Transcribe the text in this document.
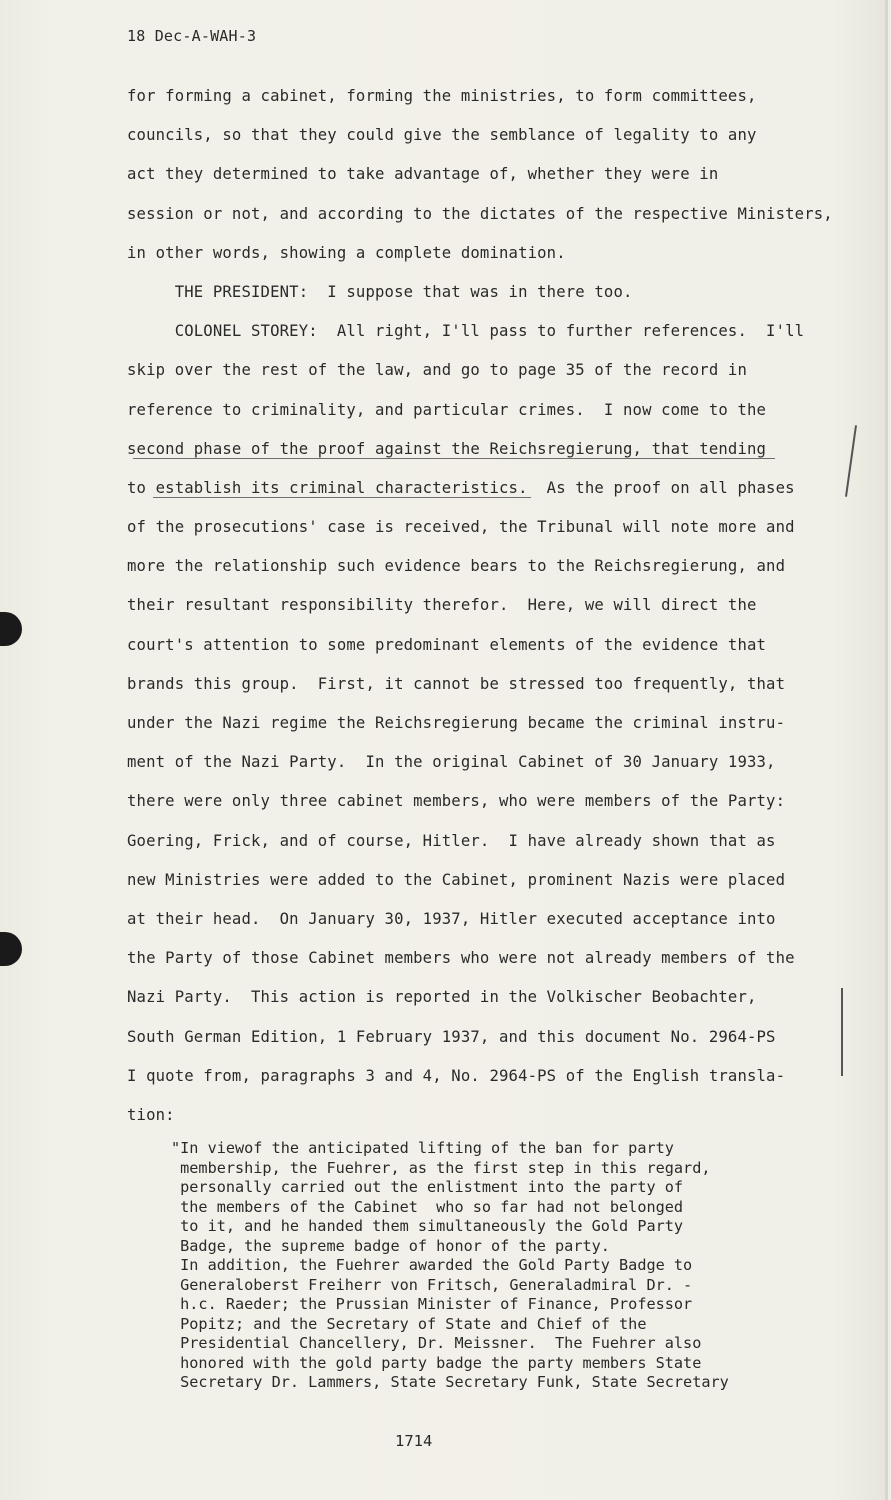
18 Dec-A-WAH-3
for forming a cabinet, forming the ministries, to form committees,
councils, so that they could give the semblance of legality to any
act they determined to take advantage of, whether they were in
session or not, and according to the dictates of the respective Ministers,
in other words, showing a complete domination.
THE PRESIDENT:  I suppose that was in there too.
COLONEL STOREY:  All right, I'll pass to further references.  I'll
skip over the rest of the law, and go to page 35 of the record in
reference to criminality, and particular crimes.  I now come to the
second phase of the proof against the Reichsregierung, that tending
to establish its criminal characteristics.  As the proof on all phases
of the prosecutions' case is received, the Tribunal will note more and
more the relationship such evidence bears to the Reichsregierung, and
their resultant responsibility therefor.  Here, we will direct the
court's attention to some predominant elements of the evidence that
brands this group.  First, it cannot be stressed too frequently, that
under the Nazi regime the Reichsregierung became the criminal instru-
ment of the Nazi Party.  In the original Cabinet of 30 January 1933,
there were only three cabinet members, who were members of the Party:
Goering, Frick, and of course, Hitler.  I have already shown that as
new Ministries were added to the Cabinet, prominent Nazis were placed
at their head.  On January 30, 1937, Hitler executed acceptance into
the Party of those Cabinet members who were not already members of the
Nazi Party.  This action is reported in the Volkischer Beobachter,
South German Edition, 1 February 1937, and this document No. 2964-PS
I quote from, paragraphs 3 and 4, No. 2964-PS of the English transla-
tion:
"In viewof the anticipated lifting of the ban for party
membership, the Fuehrer, as the first step in this regard,
personally carried out the enlistment into the party of
the members of the Cabinet  who so far had not belonged
to it, and he handed them simultaneously the Gold Party
Badge, the supreme badge of honor of the party.
In addition, the Fuehrer awarded the Gold Party Badge to
Generaloberst Freiherr von Fritsch, Generaladmiral Dr. -
h.c. Raeder; the Prussian Minister of Finance, Professor
Popitz; and the Secretary of State and Chief of the
Presidential Chancellery, Dr. Meissner.  The Fuehrer also
honored with the gold party badge the party members State
Secretary Dr. Lammers, State Secretary Funk, State Secretary
1714
